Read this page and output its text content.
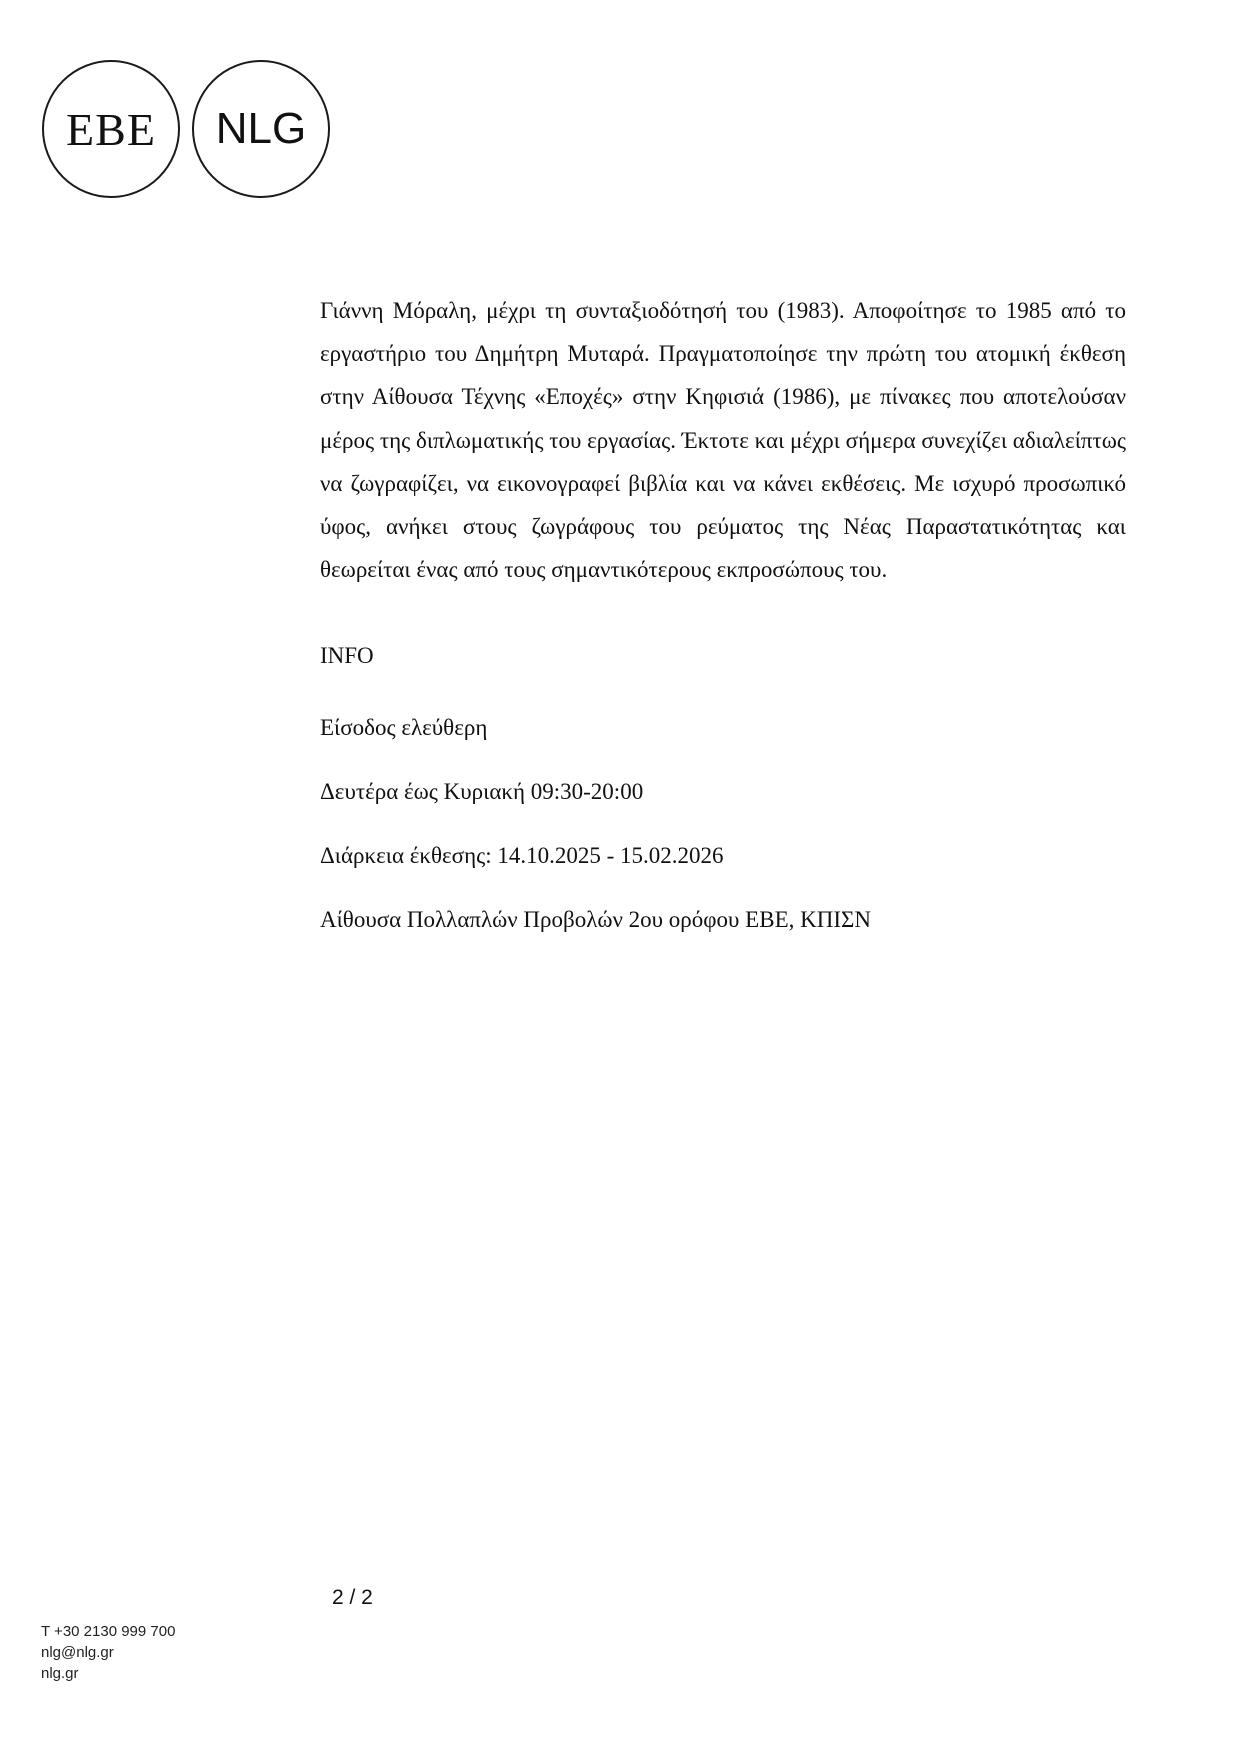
EBE NLG

Γιάννη Μόραλη, μέχρι τη συνταξιοδότησή του (1983). Αποφοίτησε το 1985 από το εργαστήριο του Δημήτρη Μυταρά. Πραγματοποίησε την πρώτη του ατομική έκθεση στην Αίθουσα Τέχνης «Εποχές» στην Κηφισιά (1986), με πίνακες που αποτελούσαν μέρος της διπλωματικής του εργασίας. Έκτοτε και μέχρι σήμερα συνεχίζει αδιαλείπτως να ζωγραφίζει, να εικονογραφεί βιβλία και να κάνει εκθέσεις. Με ισχυρό προσωπικό ύφος, ανήκει στους ζωγράφους του ρεύματος της Νέας Παραστατικότητας και θεωρείται ένας από τους σημαντικότερους εκπροσώπους του.

INFO
Είσοδος ελεύθερη
Δευτέρα έως Κυριακή 09:30-20:00
Διάρκεια έκθεσης: 14.10.2025 - 15.02.2026
Αίθουσα Πολλαπλών Προβολών 2ου ορόφου ΕΒΕ, ΚΠΙΣΝ
2 / 2
T +30 2130 999 700
nlg@nlg.gr
nlg.gr
